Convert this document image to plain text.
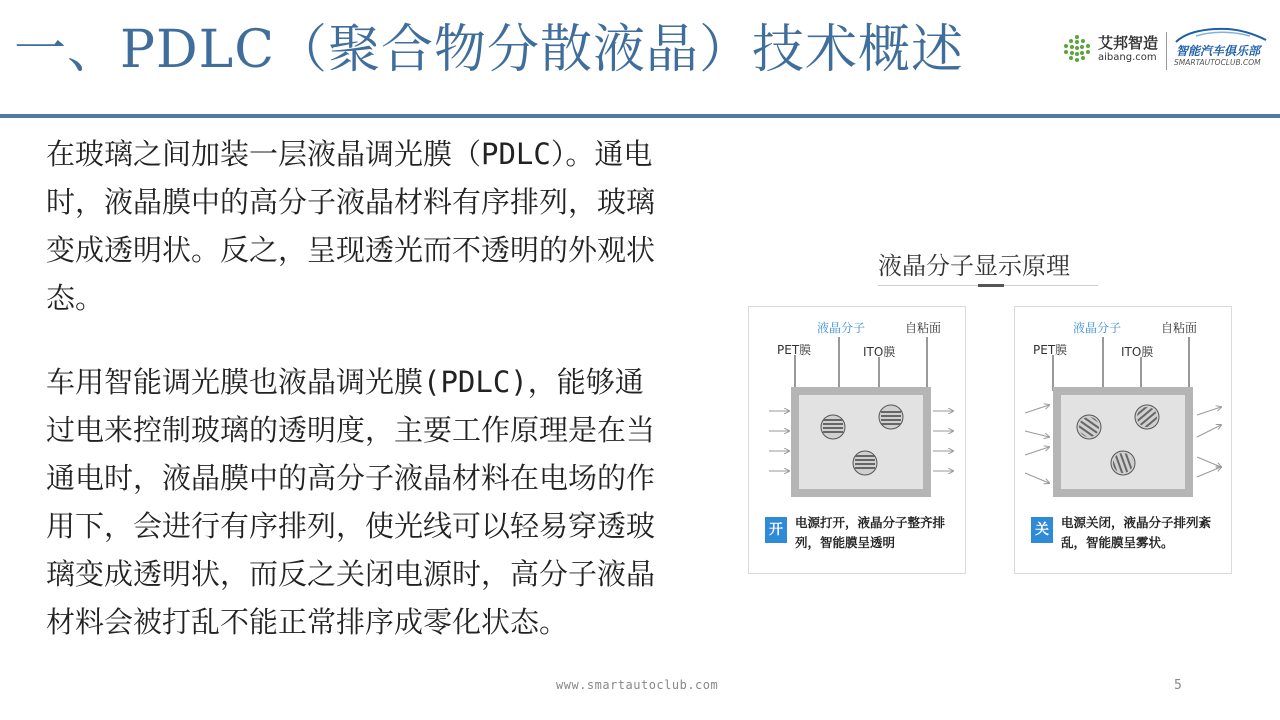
一、PDLC（聚合物分散液晶）技术概述	艾邦智造
aibang.com 智能汽车俱乐部
SMARTAUTOCLUB.COM

在玻璃之间加装一层液晶调光膜（PDLC）。通电时，液晶膜中的高分子液晶材料有序排列，玻璃变成透明状。反之，呈现透光而不透明的外观状态。

车用智能调光膜也液晶调光膜(PDLC)，能够通过电来控制玻璃的透明度，主要工作原理是在当通电时，液晶膜中的高分子液晶材料在电场的作用下，会进行有序排列，使光线可以轻易穿透玻璃变成透明状，而反之关闭电源时，高分子液晶材料会被打乱不能正常排序成零化状态。

液晶分子显示原理
液晶分子	自粘面
PET膜	ITO膜
开 电源打开，液晶分子整齐排列，智能膜呈透明
液晶分子	自粘面
PET膜	ITO膜
关 电源关闭，液晶分子排列紊乱，智能膜呈雾状。
www.smartautoclub.com	5
